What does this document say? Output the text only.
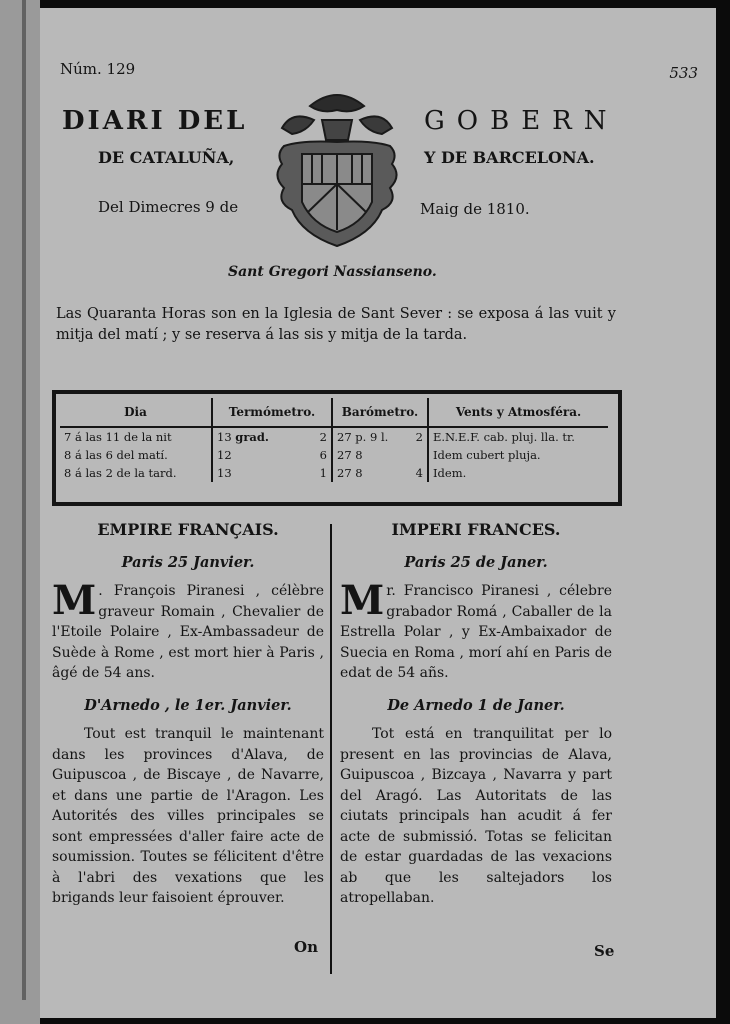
Núm. 129	533
DIARI DEL	GOBERN
DE CATALUÑA,	Y DE BARCELONA.
Del Dimecres 9 de	Maig de 1810.
Sant Gregori Nassianseno.
Las Quaranta Horas son en la Iglesia de Sant Sever : se exposa á las vuit y mitja del matí ; y se reserva á las sis y mitja de la tarda.
Dia	Termómetro.	Barómetro.	Vents y Atmosféra.
7 á las 11 de la nit	13 grad. 2	27 p. 9 l. 2	E.N.E.F. cab. pluj. lla. tr.
8 á las 6 del matí.	12 6	27 8	Idem cubert pluja.
8 á las 2 de la tard.	13 1	27 8 4	Idem.
EMPIRE FRANÇAIS.
Paris 25 Janvier.

M . François Piranesi , célèbre graveur Romain , Chevalier de l'Etoile Polaire , Ex-Ambassadeur de Suède à Rome , est mort hier à Paris , âgé de 54 ans.

D'Arnedo , le 1er. Janvier.

Tout est tranquil le maintenant dans les provinces d'Alava, de Guipuscoa , de Biscaye , de Navarre, et dans une partie de l'Aragon. Les Autorités des villes principales se sont empressées d'aller faire acte de soumission. Toutes se félicitent d'être à l'abri des vexations que les brigands leur faisoient éprouver.

On
IMPERI FRANCES.
Paris 25 de Janer.

Mr. Francisco Piranesi , célebre grabador Romá , Caballer de la Estrella Polar , y Ex-Ambaixador de Suecia en Roma , morí ahí en Paris de edat de 54 añs.

De Arnedo 1 de Janer.

Tot está en tranquilitat per lo present en las provincias de Alava, Guipuscoa , Bizcaya , Navarra y part del Aragó. Las Autoritats de las ciutats principals han acudit á fer acte de submissió. Totas se felicitan de estar guardadas de las vexacions ab que les saltejadors los atropellaban.

Se
